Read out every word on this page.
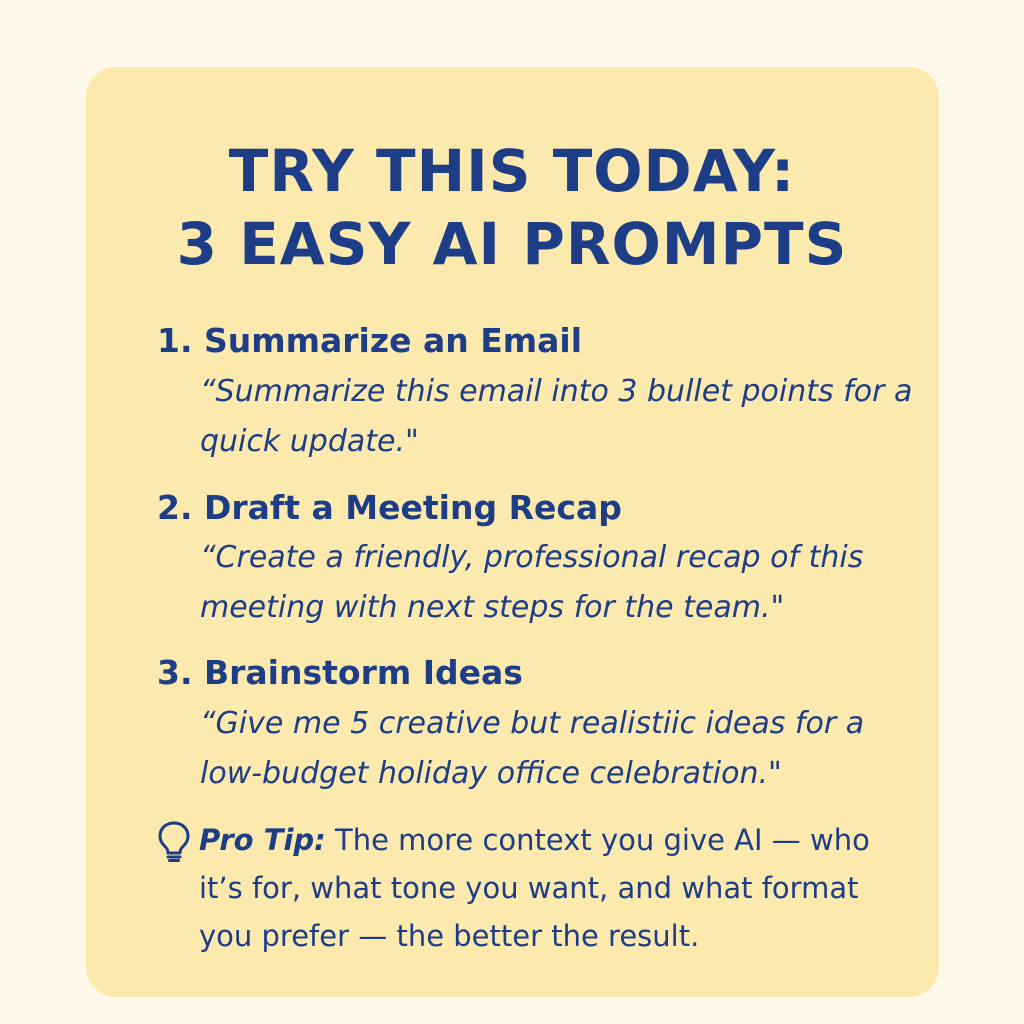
TRY THIS TODAY:
3 EASY AI PROMPTS
1. Summarize an Email

“Summarize this email into 3 bullet points for a quick update."

2. Draft a Meeting Recap

“Create a friendly, professional recap of this meeting with next steps for the team."

3. Brainstorm Ideas

“Give me 5 creative but realistiic ideas for a low-budget holiday office celebration."

Pro Tip: The more context you give AI — who it’s for, what tone you want, and what format you prefer — the better the result.
